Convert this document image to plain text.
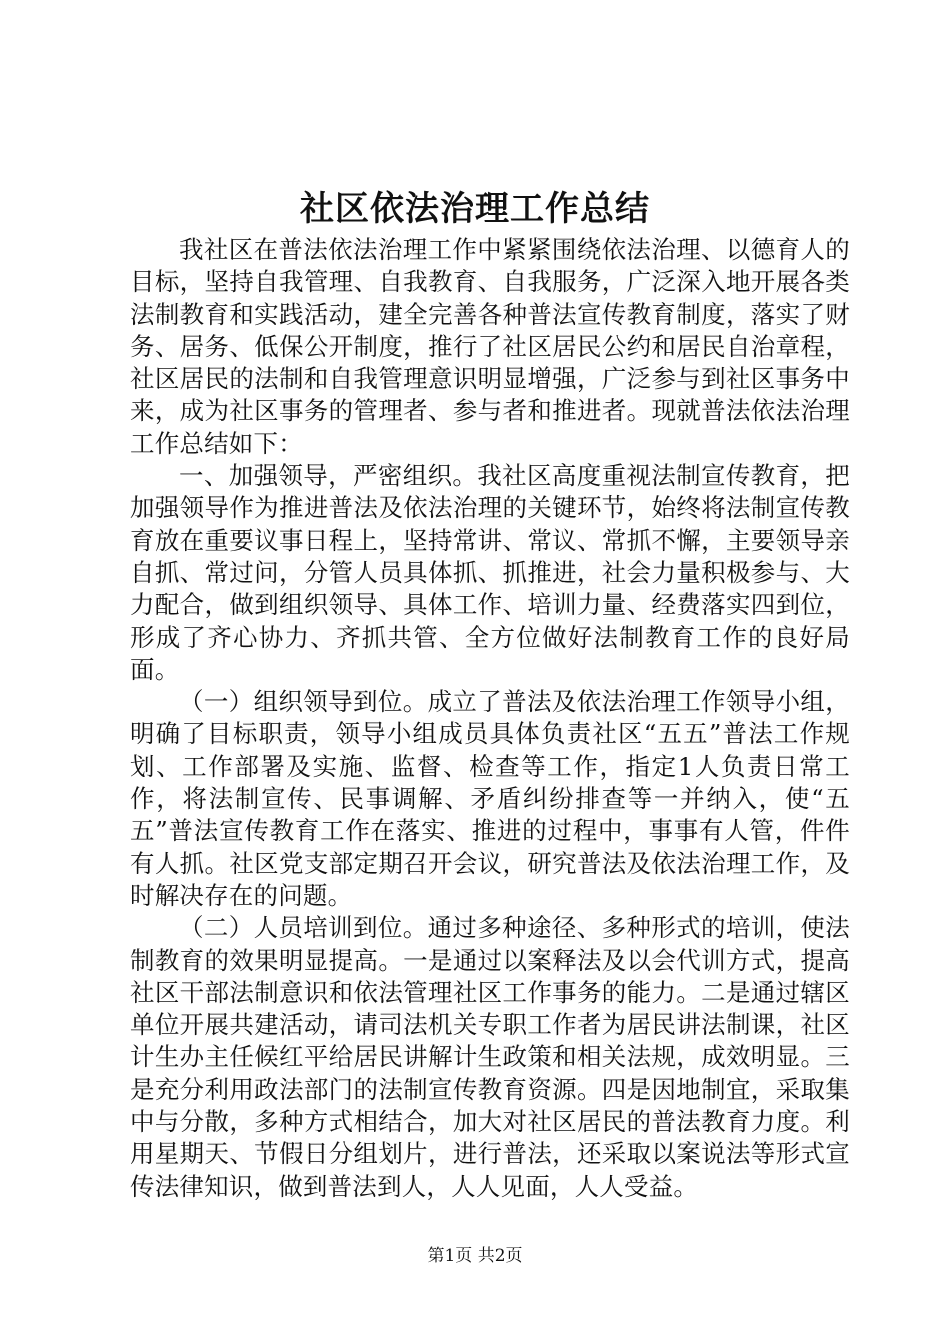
社区依法治理工作总结

我社区在普法依法治理工作中紧紧围绕依法治理、以德育人的目标，坚持自我管理、自我教育、自我服务，广泛深入地开展各类法制教育和实践活动，建全完善各种普法宣传教育制度，落实了财务、居务、低保公开制度，推行了社区居民公约和居民自治章程，社区居民的法制和自我管理意识明显增强，广泛参与到社区事务中来，成为社区事务的管理者、参与者和推进者。现就普法依法治理工作总结如下：

一、加强领导，严密组织。我社区高度重视法制宣传教育，把加强领导作为推进普法及依法治理的关键环节，始终将法制宣传教育放在重要议事日程上，坚持常讲、常议、常抓不懈，主要领导亲自抓、常过问，分管人员具体抓、抓推进，社会力量积极参与、大力配合，做到组织领导、具体工作、培训力量、经费落实四到位，形成了齐心协力、齐抓共管、全方位做好法制教育工作的良好局面。

（一）组织领导到位。成立了普法及依法治理工作领导小组，明确了目标职责，领导小组成员具体负责社区“五五”普法工作规划、工作部署及实施、监督、检查等工作，指定1人负责日常工作，将法制宣传、民事调解、矛盾纠纷排查等一并纳入，使“五五”普法宣传教育工作在落实、推进的过程中，事事有人管，件件有人抓。社区党支部定期召开会议，研究普法及依法治理工作，及时解决存在的问题。

（二）人员培训到位。通过多种途径、多种形式的培训，使法制教育的效果明显提高。一是通过以案释法及以会代训方式，提高社区干部法制意识和依法管理社区工作事务的能力。二是通过辖区单位开展共建活动，请司法机关专职工作者为居民讲法制课，社区计生办主任候红平给居民讲解计生政策和相关法规，成效明显。三是充分利用政法部门的法制宣传教育资源。四是因地制宜，采取集中与分散，多种方式相结合，加大对社区居民的普法教育力度。利用星期天、节假日分组划片，进行普法，还采取以案说法等形式宣传法律知识，做到普法到人，人人见面，人人受益。

第1页 共2页
